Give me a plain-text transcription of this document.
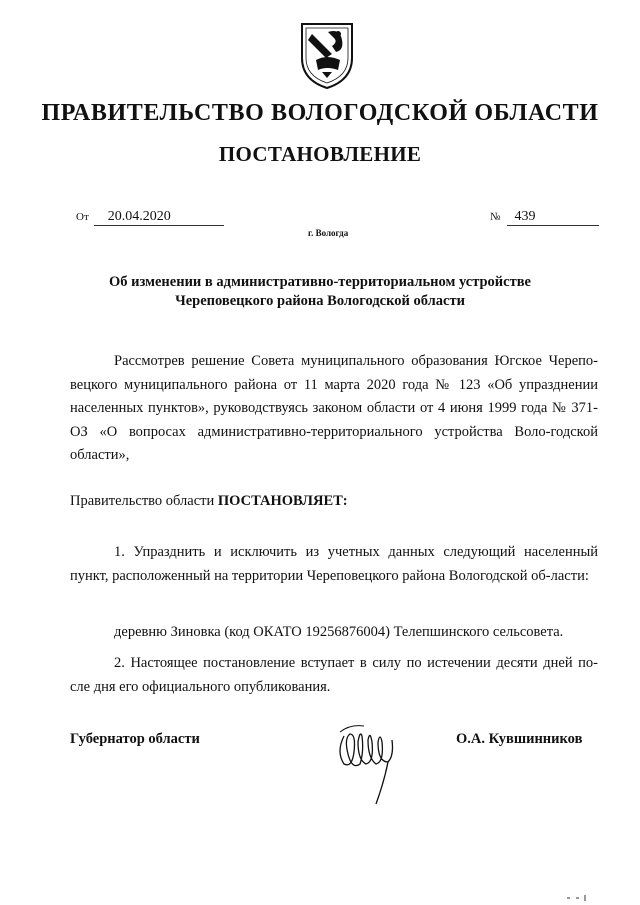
ПРАВИТЕЛЬСТВО ВОЛОГОДСКОЙ ОБЛАСТИ
ПОСТАНОВЛЕНИЕ
От 20.04.2020	№ 439
г. Вологда
Об изменении в административно-территориальном устройстве
Череповецкого района Вологодской области

Рассмотрев решение Совета муниципального образования Югское Черепо-вецкого муниципального района от 11 марта 2020 года № 123 «Об упразднении населенных пунктов», руководствуясь законом области от 4 июня 1999 года № 371-ОЗ «О вопросах административно-территориального устройства Воло-годской области»,

Правительство области ПОСТАНОВЛЯЕТ:

1. Упразднить и исключить из учетных данных следующий населенный пункт, расположенный на территории Череповецкого района Вологодской об-ласти:

деревню Зиновка (код ОКАТО 19256876004) Телепшинского сельсовета.

2. Настоящее постановление вступает в силу по истечении десяти дней по-сле дня его официального опубликования.

Губернатор области	О.А. Кувшинников
